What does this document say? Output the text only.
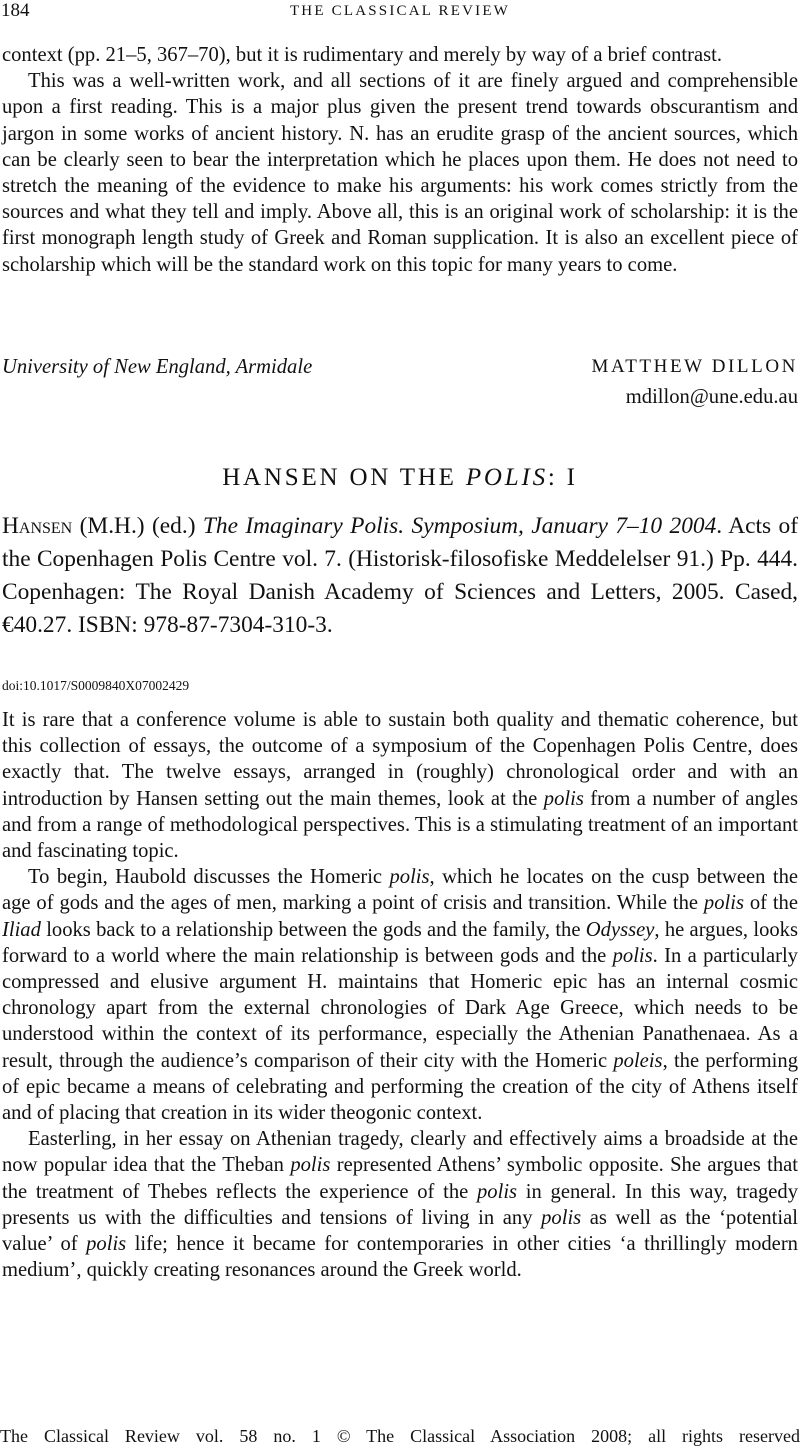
184	THE CLASSICAL REVIEW

context (pp. 21–5, 367–70), but it is rudimentary and merely by way of a brief contrast.

This was a well-written work, and all sections of it are finely argued and comprehensible upon a first reading. This is a major plus given the present trend towards obscurantism and jargon in some works of ancient history. N. has an erudite grasp of the ancient sources, which can be clearly seen to bear the interpretation which he places upon them. He does not need to stretch the meaning of the evidence to make his arguments: his work comes strictly from the sources and what they tell and imply. Above all, this is an original work of scholarship: it is the first monograph length study of Greek and Roman supplication. It is also an excellent piece of scholarship which will be the standard work on this topic for many years to come.

University of New England, Armidale	MATTHEW DILLON
mdillon@une.edu.au
HANSEN ON THE POLIS: I

Hansen (M.H.) (ed.) The Imaginary Polis. Symposium, January 7–10 2004. Acts of the Copenhagen Polis Centre vol. 7. (Historisk-filosofiske Meddelelser 91.) Pp. 444. Copenhagen: The Royal Danish Academy of Sciences and Letters, 2005. Cased, €40.27. ISBN: 978-87-7304-310-3.

doi:10.1017/S0009840X07002429

It is rare that a conference volume is able to sustain both quality and thematic coherence, but this collection of essays, the outcome of a symposium of the Copenhagen Polis Centre, does exactly that. The twelve essays, arranged in (roughly) chronological order and with an introduction by Hansen setting out the main themes, look at the polis from a number of angles and from a range of methodological perspectives. This is a stimulating treatment of an important and fascinating topic.

To begin, Haubold discusses the Homeric polis, which he locates on the cusp between the age of gods and the ages of men, marking a point of crisis and transition. While the polis of the Iliad looks back to a relationship between the gods and the family, the Odyssey, he argues, looks forward to a world where the main relationship is between gods and the polis. In a particularly compressed and elusive argument H. maintains that Homeric epic has an internal cosmic chronology apart from the external chronologies of Dark Age Greece, which needs to be understood within the context of its performance, especially the Athenian Panathenaea. As a result, through the audience’s comparison of their city with the Homeric poleis, the performing of epic became a means of celebrating and performing the creation of the city of Athens itself and of placing that creation in its wider theogonic context.

Easterling, in her essay on Athenian tragedy, clearly and effectively aims a broadside at the now popular idea that the Theban polis represented Athens’ symbolic opposite. She argues that the treatment of Thebes reflects the experience of the polis in general. In this way, tragedy presents us with the difficulties and tensions of living in any polis as well as the ‘potential value’ of polis life; hence it became for contemporaries in other cities ‘a thrillingly modern medium’, quickly creating resonances around the Greek world.

The Classical Review vol. 58 no. 1 © The Classical Association 2008; all rights reserved
